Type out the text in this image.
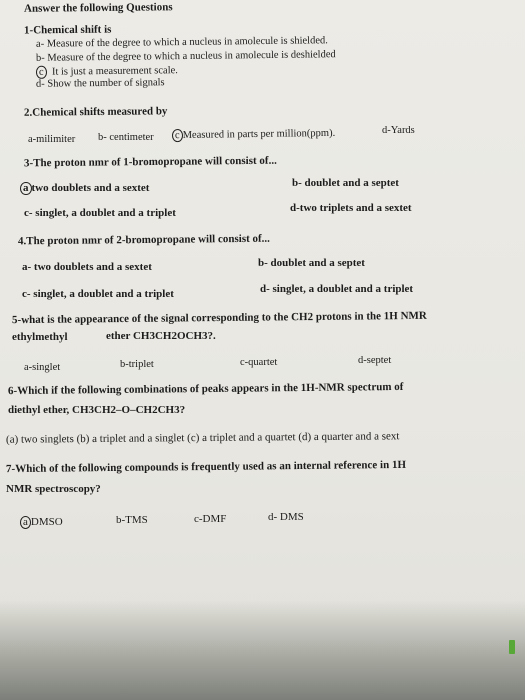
Answer the following Questions
1-Chemical shift is
a- Measure of the degree to which a nucleus in amolecule is shielded.
b- Measure of the degree to which a nucleus in amolecule is deshielded
c It is just a measurement scale.
d- Show the number of signals
2.Chemical shifts measured by
a-milimiter b- centimeter c Measured in parts per million(ppm).	d-Yards
3-The proton nmr of 1-bromopropane will consist of...
a two doublets and a sextet	b- doublet and a septet
c- singlet, a doublet and a triplet	d-two triplets and a sextet
4.The proton nmr of 2-bromopropane will consist of...
a- two doublets and a sextet	b- doublet and a septet
c- singlet, a doublet and a triplet	d- singlet, a doublet and a triplet
5-what is the appearance of the signal corresponding to the CH2 protons in the 1H NMR
ethylmethyl	ether CH3CH2OCH3?.
a-singlet	b-triplet	c-quartet	d-septet
6-Which if the following combinations of peaks appears in the 1H-NMR spectrum of
diethyl ether, CH3CH2–O–CH2CH3?
(a) two singlets (b) a triplet and a singlet (c) a triplet and a quartet (d) a quarter and a sext
7-Which of the following compounds is frequently used as an internal reference in 1H
NMR spectroscopy?
a DMSO	b-TMS	c-DMF	d- DMS
